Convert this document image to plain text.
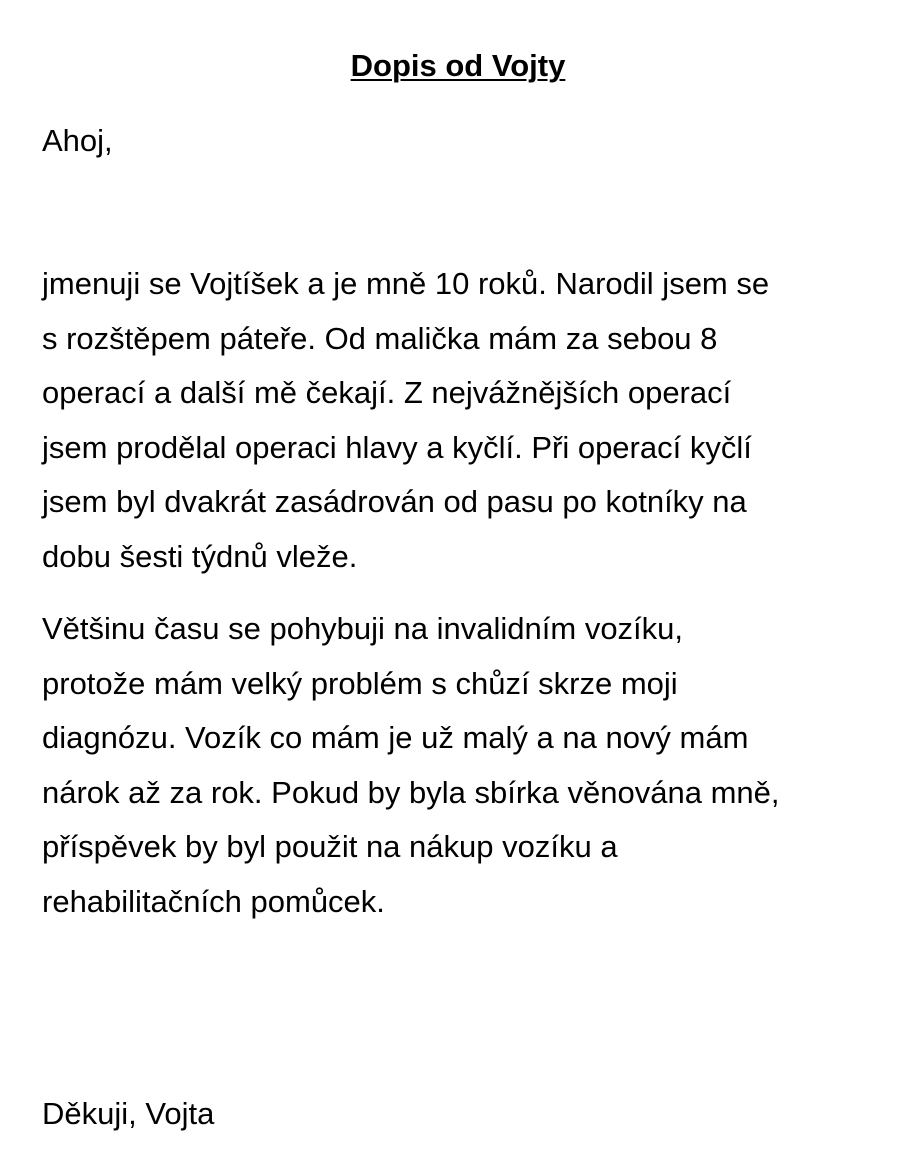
Dopis od Vojty

Ahoj,

jmenuji se Vojtíšek a je mně 10 roků. Narodil jsem se
s rozštěpem páteře. Od malička mám za sebou 8
operací a další mě čekají. Z nejvážnějších operací
jsem prodělal operaci hlavy a kyčlí. Při operací kyčlí
jsem byl dvakrát zasádrován od pasu po kotníky na
dobu šesti týdnů vleže.
Většinu času se pohybuji na invalidním vozíku,
protože mám velký problém s chůzí skrze moji
diagnózu. Vozík co mám je už malý a na nový mám
nárok až za rok. Pokud by byla sbírka věnována mně,
příspěvek by byl použit na nákup vozíku a
rehabilitačních pomůcek.

Děkuji, Vojta
